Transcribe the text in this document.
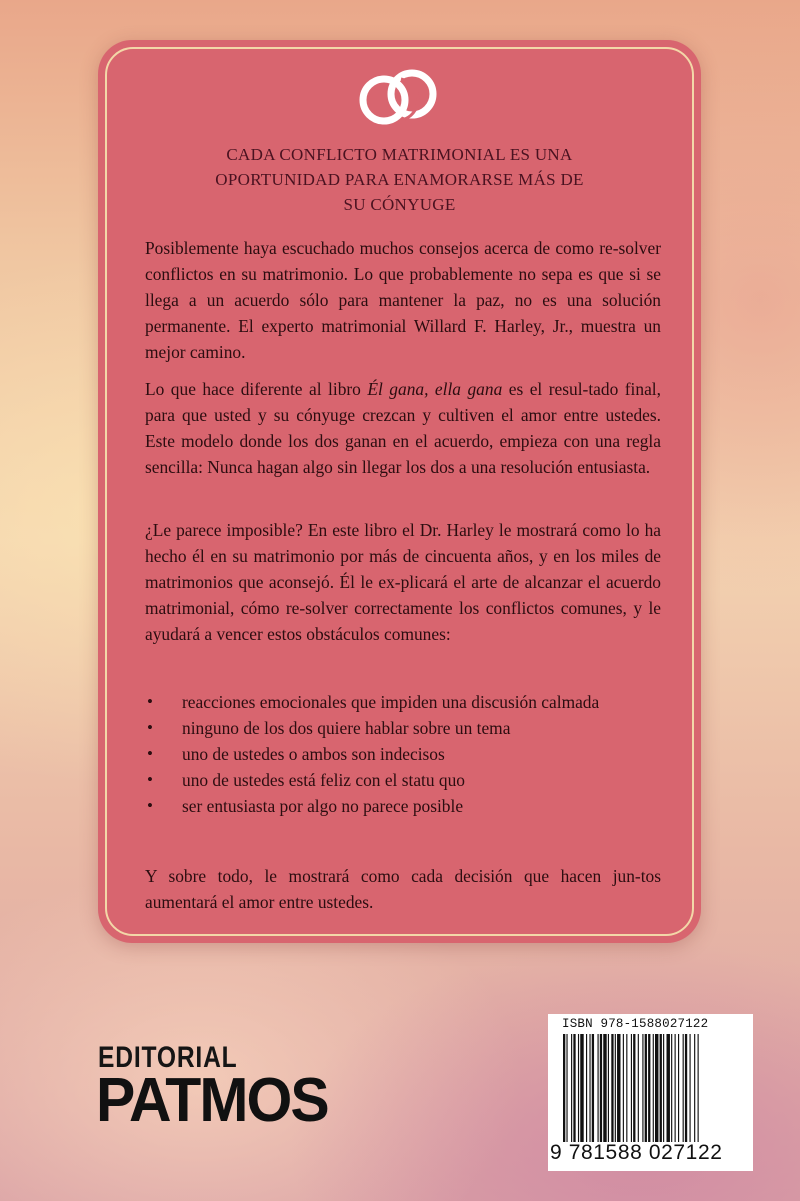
CADA CONFLICTO MATRIMONIAL ES UNA
OPORTUNIDAD PARA ENAMORARSE MÁS DE
SU CÓNYUGE

Posiblemente haya escuchado muchos consejos acerca de como re-solver conflictos en su matrimonio. Lo que probablemente no sepa es que si se llega a un acuerdo sólo para mantener la paz, no es una solución permanente. El experto matrimonial Willard F. Harley, Jr., muestra un mejor camino.

Lo que hace diferente al libro Él gana, ella gana es el resul-tado final, para que usted y su cónyuge crezcan y cultiven el amor entre ustedes. Este modelo donde los dos ganan en el acuerdo, empieza con una regla sencilla: Nunca hagan algo sin llegar los dos a una resolución entusiasta.

¿Le parece imposible? En este libro el Dr. Harley le mostrará como lo ha hecho él en su matrimonio por más de cincuenta años, y en los miles de matrimonios que aconsejó. Él le ex-plicará el arte de alcanzar el acuerdo matrimonial, cómo re-solver correctamente los conflictos comunes, y le ayudará a vencer estos obstáculos comunes:

• reacciones emocionales que impiden una discusión calmada
• ninguno de los dos quiere hablar sobre un tema
• uno de ustedes o ambos son indecisos
• uno de ustedes está feliz con el statu quo
• ser entusiasta por algo no parece posible

Y sobre todo, le mostrará como cada decisión que hacen jun-tos aumentará el amor entre ustedes.

EDITORIAL
PATMOS
ISBN 978-1588027122
9 781588 027122
